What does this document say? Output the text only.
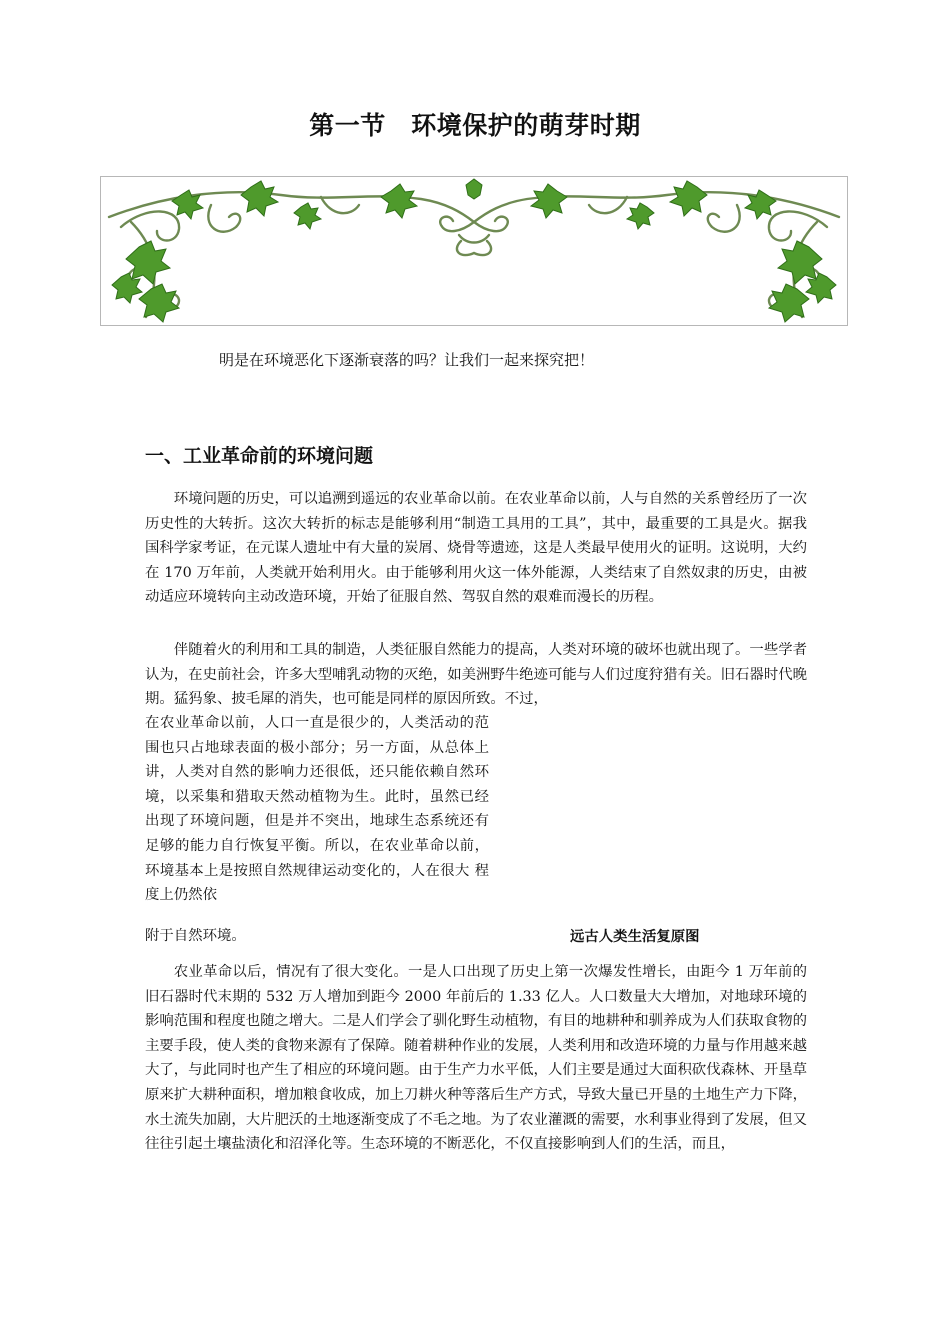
第一节　环境保护的萌芽时期
明是在环境恶化下逐渐衰落的吗？让我们一起来探究把！
一、工业革命前的环境问题
环境问题的历史，可以追溯到遥远的农业革命以前。在农业革命以前，人与自然的关系曾经历了一次历史性的大转折。这次大转折的标志是能够利用“制造工具用的工具”，其中，最重要的工具是火。据我国科学家考证，在元谋人遗址中有大量的炭屑、烧骨等遗迹，这是人类最早使用火的证明。这说明，大约在 170 万年前，人类就开始利用火。由于能够利用火这一体外能源，人类结束了自然奴隶的历史，由被动适应环境转向主动改造环境，开始了征服自然、驾驭自然的艰难而漫长的历程。
伴随着火的利用和工具的制造，人类征服自然能力的提高，人类对环境的破坏也就出现了。一些学者认为，在史前社会，许多大型哺乳动物的灭绝，如美洲野牛绝迹可能与人们过度狩猎有关。旧石器时代晚期。猛犸象、披毛犀的消失，也可能是同样的原因所致。不过，
在农业革命以前，人口一直是很少的，人类活动的范围也只占地球表面的极小部分；另一方面，从总体上讲，人类对自然的影响力还很低，还只能依赖自然环境，以采集和猎取天然动植物为生。此时，虽然已经出现了环境问题，但是并不突出，地球生态系统还有足够的能力自行恢复平衡。所以，在农业革命以前，环境基本上是按照自然规律运动变化的，人在很大 程度上仍然依
附于自然环境。	远古人类生活复原图
农业革命以后，情况有了很大变化。一是人口出现了历史上第一次爆发性增长，由距今 1 万年前的旧石器时代末期的 532 万人增加到距今 2000 年前后的 1.33 亿人。人口数量大大增加，对地球环境的影响范围和程度也随之增大。二是人们学会了驯化野生动植物，有目的地耕种和驯养成为人们获取食物的主要手段，使人类的食物来源有了保障。随着耕种作业的发展，人类利用和改造环境的力量与作用越来越大了，与此同时也产生了相应的环境问题。由于生产力水平低，人们主要是通过大面积砍伐森林、开垦草原来扩大耕种面积，增加粮食收成，加上刀耕火种等落后生产方式，导致大量已开垦的土地生产力下降，水土流失加剧，大片肥沃的土地逐渐变成了不毛之地。为了农业灌溉的需要，水利事业得到了发展，但又往往引起土壤盐渍化和沼泽化等。生态环境的不断恶化，不仅直接影响到人们的生活，而且，
